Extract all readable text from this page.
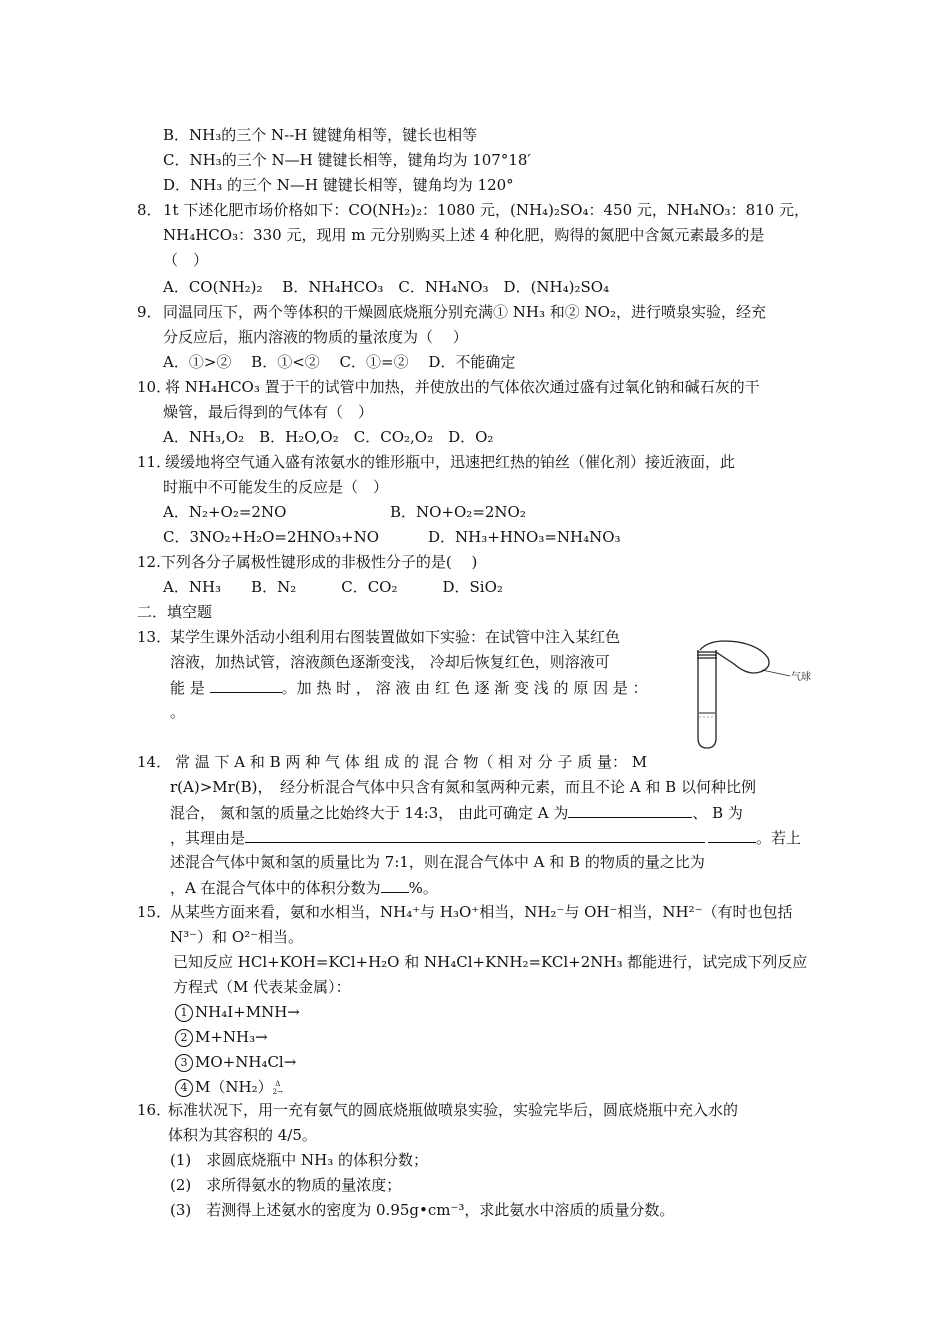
B．NH₃的三个 N--H 键键角相等，键长也相等
C．NH₃的三个 N—H 键键长相等，键角均为 107°18′
D．NH₃ 的三个 N—H 键键长相等，键角均为 120°
8． 1t 下述化肥市场价格如下：CO(NH₂)₂：1080 元，(NH₄)₂SO₄：450 元，NH₄NO₃：810 元，
NH₄HCO₃：330 元，现用 m 元分别购买上述 4 种化肥，购得的氮肥中含氮元素最多的是
（　）
A．CO(NH₂)₂　 B．NH₄HCO₃　C．NH₄NO₃　D．(NH₄)₂SO₄
9． 同温同压下，两个等体积的干燥圆底烧瓶分别充满① NH₃ 和② NO₂，进行喷泉实验，经充
分反应后，瓶内溶液的物质的量浓度为（　 ）
A．①>②　 B．①<②　 C．①=②　 D．不能确定
10．
将 NH₄HCO₃ 置于干的试管中加热，并使放出的气体依次通过盛有过氧化钠和碱石灰的干
燥管，最后得到的气体有（　）
A．NH₃,O₂　B．H₂O,O₂　C．CO₂,O₂　D．O₂
11．
缓缓地将空气通入盛有浓氨水的锥形瓶中，迅速把红热的铂丝（催化剂）接近液面，此
时瓶中不可能发生的反应是（　）
A．N₂+O₂=2NO	B．NO+O₂=2NO₂
C．3NO₂+H₂O=2HNO₃+NO	D．NH₃+HNO₃=NH₄NO₃
12.下列各分子属极性键形成的非极性分子的是(　 )
A．NH₃　　B．N₂　　　C．CO₂　　　D．SiO₂
二．填空题
13．
某学生课外活动小组利用右图装置做如下实验：在试管中注入某红色
溶液，加热试管，溶液颜色逐渐变浅， 冷却后恢复红色，则溶液可
能 是	。加 热 时 ， 溶 液 由 红 色 逐 渐 变 浅 的 原 因 是 ：
。
气球
14． 常 温 下 A 和 B 两 种 气 体 组 成 的 混 合 物（ 相 对 分 子 质 量： M
r(A)>Mr(B)，　经分析混合气体中只含有氮和氢两种元素，而且不论 A 和 B 以何种比例
混合， 氮和氢的质量之比始终大于 14:3， 由此可确定 A 为	、 B 为
，其理由是	。若上
述混合气体中氮和氢的质量比为 7:1，则在混合气体中 A 和 B 的物质的量之比为
，A 在混合气体中的体积分数为 %。
15．
从某些方面来看，氨和水相当，NH₄⁺与 H₃O⁺相当，NH₂⁻与 OH⁻相当，NH²⁻（有时也包括
N³⁻）和 O²⁻相当。
已知反应 HCl+KOH=KCl+H₂O 和 NH₄Cl+KNH₂=KCl+2NH₃ 都能进行，试完成下列反应
方程式（M 代表某金属）：
1 NH₄I+MNH→
2 M+NH₃→
3 MO+NH₄Cl→
4 M（NH₂） Δ
2→
16．
标准状况下，用一充有氨气的圆底烧瓶做喷泉实验，实验完毕后，圆底烧瓶中充入水的
体积为其容积的 4/5。
(1)　求圆底烧瓶中 NH₃ 的体积分数；
(2)　求所得氨水的物质的量浓度；
(3)　若测得上述氨水的密度为 0.95g•cm⁻³，求此氨水中溶质的质量分数。
